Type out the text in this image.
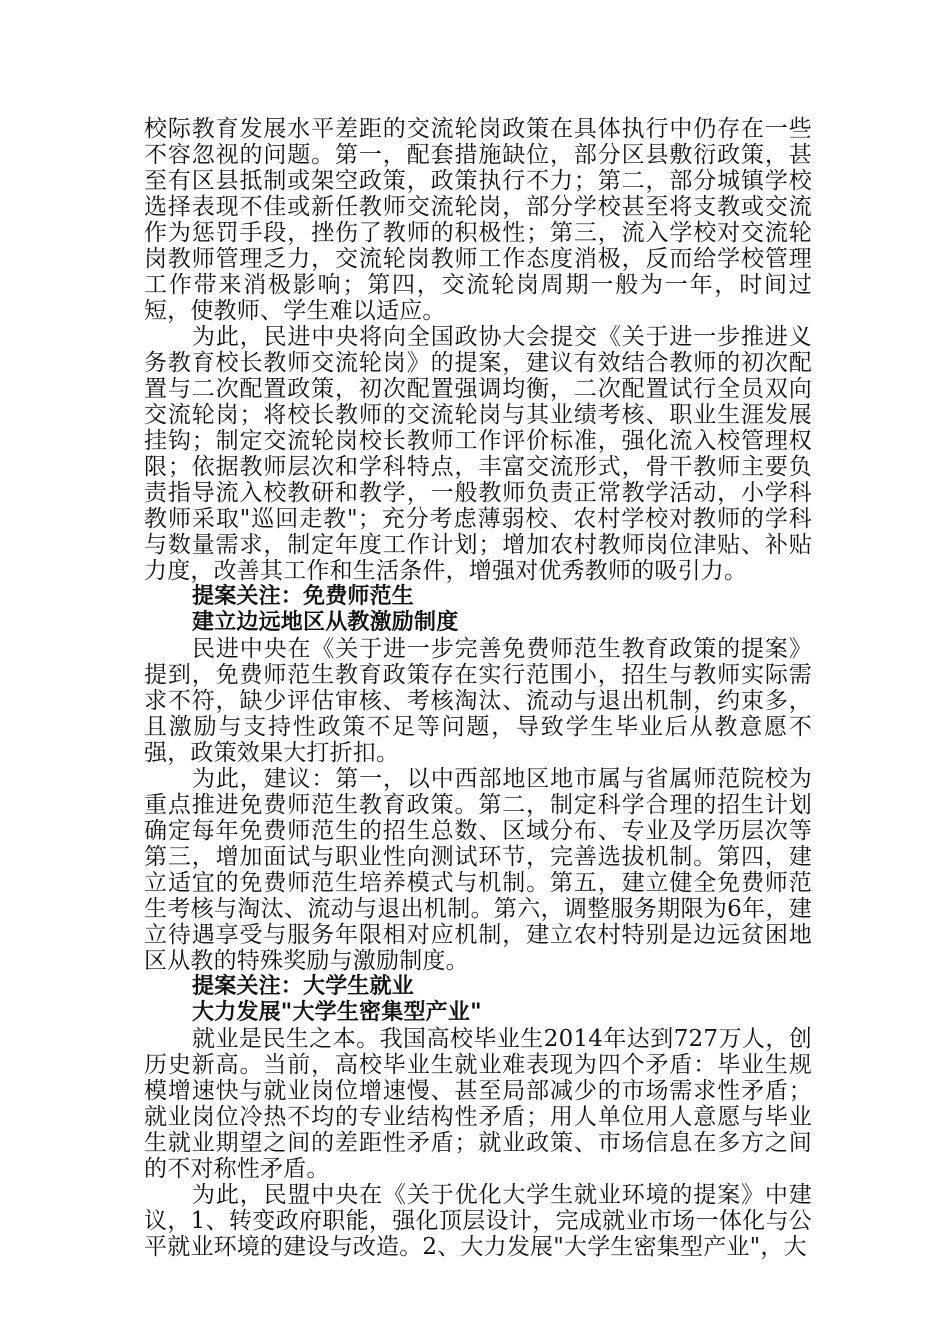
校际教育发展水平差距的交流轮岗政策在具体执行中仍存在一些不容忽视的问题。第一，配套措施缺位，部分区县敷衍政策，甚至有区县抵制或架空政策，政策执行不力；第二，部分城镇学校选择表现不佳或新任教师交流轮岗，部分学校甚至将支教或交流作为惩罚手段，挫伤了教师的积极性；第三，流入学校对交流轮岗教师管理乏力，交流轮岗教师工作态度消极，反而给学校管理工作带来消极影响；第四，交流轮岗周期一般为一年，时间过短，使教师、学生难以适应。

为此，民进中央将向全国政协大会提交《关于进一步推进义务教育校长教师交流轮岗》的提案，建议有效结合教师的初次配置与二次配置政策，初次配置强调均衡，二次配置试行全员双向交流轮岗；将校长教师的交流轮岗与其业绩考核、职业生涯发展挂钩；制定交流轮岗校长教师工作评价标准，强化流入校管理权限；依据教师层次和学科特点，丰富交流形式，骨干教师主要负责指导流入校教研和教学，一般教师负责正常教学活动，小学科教师采取"巡回走教"；充分考虑薄弱校、农村学校对教师的学科与数量需求，制定年度工作计划；增加农村教师岗位津贴、补贴力度，改善其工作和生活条件，增强对优秀教师的吸引力。

提案关注：免费师范生

建立边远地区从教激励制度

民进中央在《关于进一步完善免费师范生教育政策的提案》提到，免费师范生教育政策存在实行范围小，招生与教师实际需求不符，缺少评估审核、考核淘汰、流动与退出机制，约束多，且激励与支持性政策不足等问题，导致学生毕业后从教意愿不强，政策效果大打折扣。

为此，建议：第一，以中西部地区地市属与省属师范院校为重点推进免费师范生教育政策。第二，制定科学合理的招生计划确定每年免费师范生的招生总数、区域分布、专业及学历层次等第三，增加面试与职业性向测试环节，完善选拔机制。第四，建立适宜的免费师范生培养模式与机制。第五，建立健全免费师范生考核与淘汰、流动与退出机制。第六，调整服务期限为6年，建立待遇享受与服务年限相对应机制，建立农村特别是边远贫困地区从教的特殊奖励与激励制度。

提案关注：大学生就业

大力发展"大学生密集型产业"

就业是民生之本。我国高校毕业生2014年达到727万人，创历史新高。当前，高校毕业生就业难表现为四个矛盾：毕业生规模增速快与就业岗位增速慢、甚至局部减少的市场需求性矛盾；就业岗位冷热不均的专业结构性矛盾；用人单位用人意愿与毕业生就业期望之间的差距性矛盾；就业政策、市场信息在多方之间的不对称性矛盾。

为此，民盟中央在《关于优化大学生就业环境的提案》中建议，1、转变政府职能，强化顶层设计，完成就业市场一体化与公平就业环境的建设与改造。2、大力发展"大学生密集型产业"，大
